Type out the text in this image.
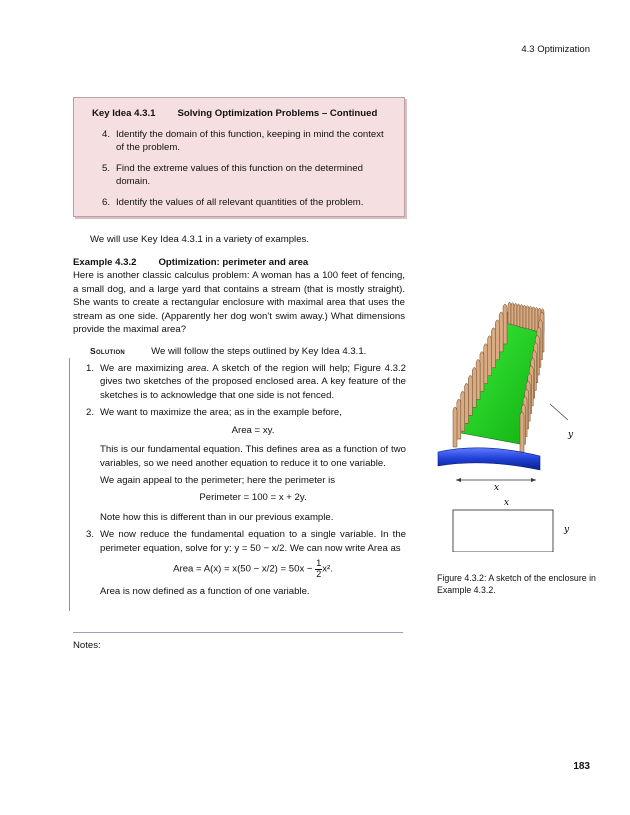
4.3 Optimization
Key Idea 4.3.1 Solving Optimization Problems – Continued
4. Identify the domain of this function, keeping in mind the context of the problem.
5. Find the extreme values of this function on the determined domain.
6. Identify the values of all relevant quantities of the problem.
We will use Key Idea 4.3.1 in a variety of examples.
Example 4.3.2 Optimization: perimeter and area
Here is another classic calculus problem: A woman has a 100 feet of fencing, a small dog, and a large yard that contains a stream (that is mostly straight). She wants to create a rectangular enclosure with maximal area that uses the stream as one side. (Apparently her dog won’t swim away.) What dimensions provide the maximal area?
Solution	We will follow the steps outlined by Key Idea 4.3.1.
1. We are maximizing area. A sketch of the region will help; Figure 4.3.2 gives two sketches of the proposed enclosed area. A key feature of the sketches is to acknowledge that one side is not fenced.

2. We want to maximize the area; as in the example before,

Area = xy.

This is our fundamental equation. This defines area as a function of two variables, so we need another equation to reduce it to one variable.

We again appeal to the perimeter; here the perimeter is

Perimeter = 100 = x + 2y.

Note how this is different than in our previous example.

3. We now reduce the fundamental equation to a single variable. In the perimeter equation, solve for y: y = 50 − x/2. We can now write Area as

Area = $A(x) = x(50 - x/2) = 50x - \frac{1}{2} x^2$.

Area is now defined as a function of one variable.

y
x
x
y
Figure 4.3.2: A sketch of the enclosure in Example 4.3.2.
Notes:
183
